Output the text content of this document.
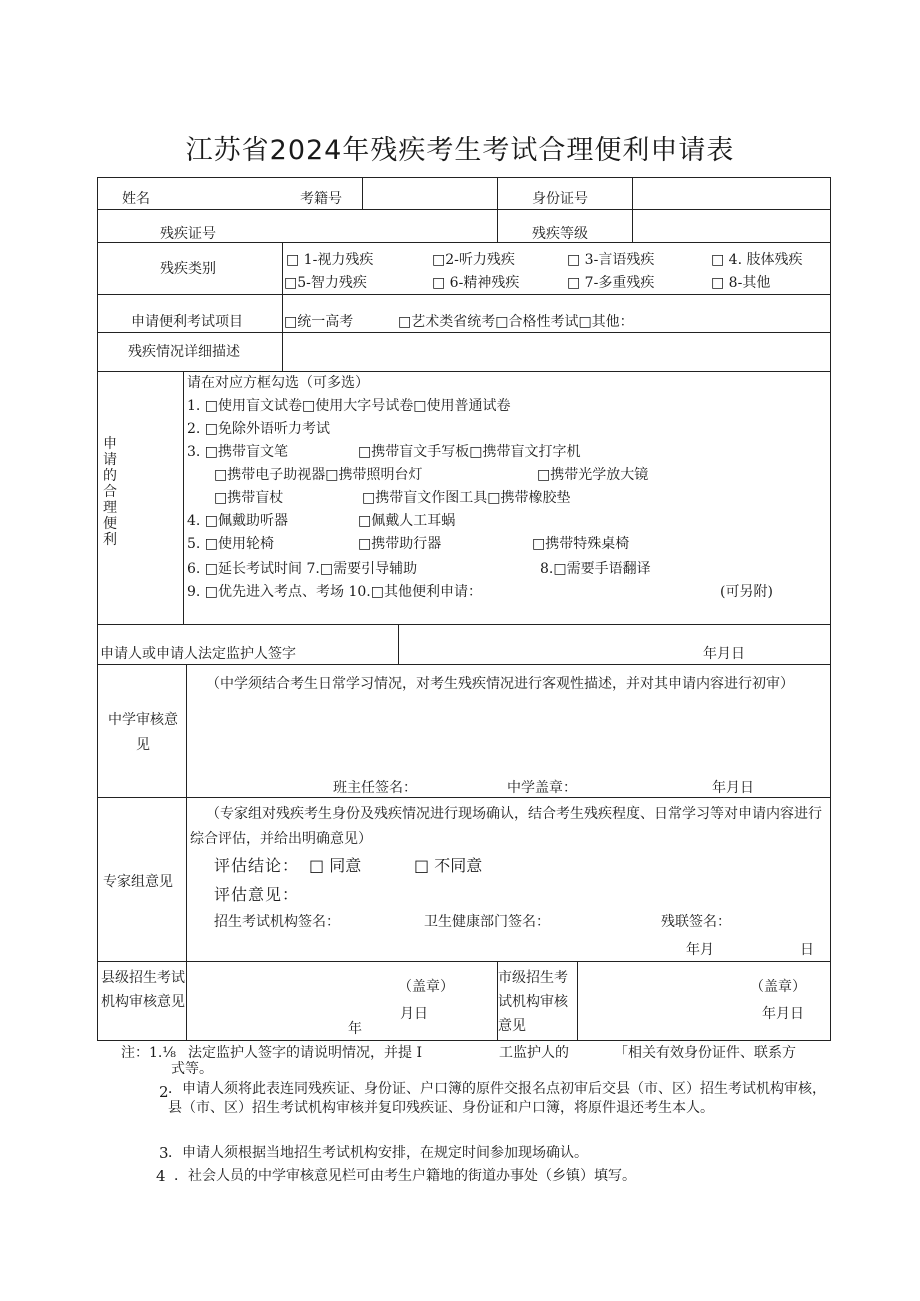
江苏省2024年残疾考生考试合理便利申请表
姓名	考籍号	身份证号
残疾证号	残疾等级
残疾类别
□ 1-视力残疾	□2-听力残疾	□ 3-言语残疾	□ 4. 肢体残疾
□5-智力残疾	□ 6-精神残疾	□ 7-多重残疾	□ 8-其他
申请便利考试项目	□统一高考	□艺术类省统考□合格性考试□其他：
残疾情况详细描述
申请的合理便利
请在对应方框勾选（可多选）
1. □使用盲文试卷□使用大字号试卷□使用普通试卷
2. □免除外语听力考试
3. □携带盲文笔	□携带盲文手写板□携带盲文打字机
□携带电子助视器□携带照明台灯	□携带光学放大镜
□携带盲杖	□携带盲文作图工具□携带橡胶垫
4. □佩戴助听器	□佩戴人工耳蜗
5. □使用轮椅	□携带助行器	□携带特殊桌椅
6. □延长考试时间 7.□需要引导辅助	8.□需要手语翻译
9. □优先进入考点、考场 10.□其他便利申请：	(可另附)
申请人或申请人法定监护人签字	年月日
中学审核意见
（中学须结合考生日常学习情况，对考生残疾情况进行客观性描述，并对其申请内容进行初审）
班主任签名：	中学盖章：	年月日
专家组意见
（专家组对残疾考生身份及残疾情况进行现场确认，结合考生残疾程度、日常学习等对申请内容进行综合评估，并给出明确意见）
评估结论： □ 同意	□ 不同意
评估意见：
招生考试机构签名：	卫生健康部门签名：	残联签名：
年月	日
县级招生考试机构审核意见
（盖章）
月日
年
市级招生考试机构审核意见
（盖章）
年月日
注：1.⅛ 法定监护人签字的请说明情况，并提 I	工监护人的	「相关有效身份证件、联系方
式等。
2 ．申请人须将此表连同残疾证、身份证、户口簿的原件交报名点初审后交县（市、区）招生考试机构审核，县（市、区）招生考试机构审核并复印残疾证、身份证和户口簿，将原件退还考生本人。
3 ．申请人须根据当地招生考试机构安排，在规定时间参加现场确认。
4 ．社会人员的中学审核意见栏可由考生户籍地的街道办事处（乡镇）填写。
